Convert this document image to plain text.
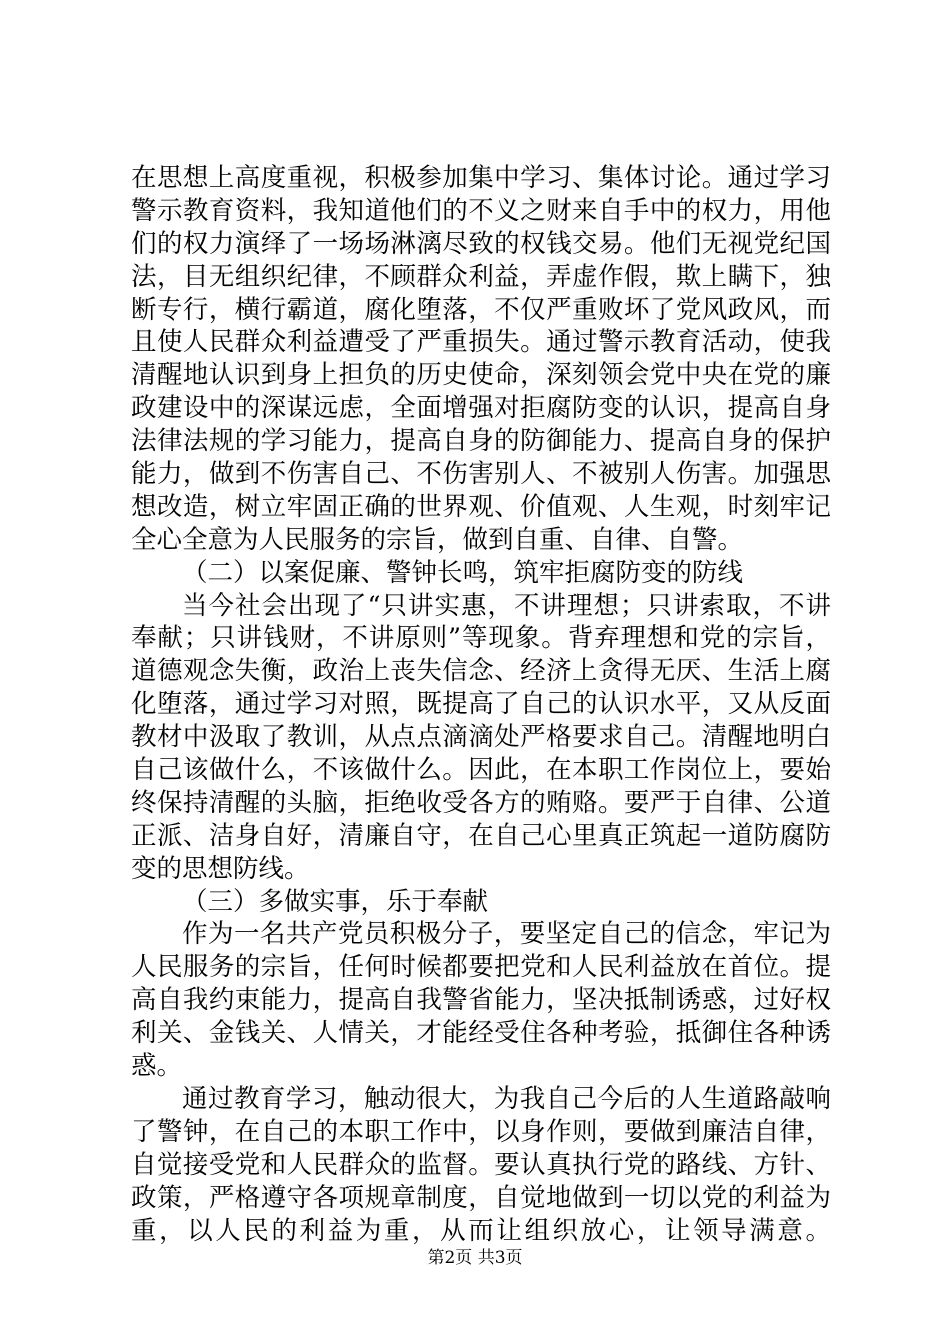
在思想上高度重视，积极参加集中学习、集体讨论。通过学习
警示教育资料，我知道他们的不义之财来自手中的权力，用他
们的权力演绎了一场场淋漓尽致的权钱交易。他们无视党纪国
法，目无组织纪律，不顾群众利益，弄虚作假，欺上瞒下，独
断专行，横行霸道，腐化堕落，不仅严重败坏了党风政风，而
且使人民群众利益遭受了严重损失。通过警示教育活动，使我
清醒地认识到身上担负的历史使命，深刻领会党中央在党的廉
政建设中的深谋远虑，全面增强对拒腐防变的认识，提高自身
法律法规的学习能力，提高自身的防御能力、提高自身的保护
能力，做到不伤害自己、不伤害别人、不被别人伤害。加强思
想改造，树立牢固正确的世界观、价值观、人生观，时刻牢记
全心全意为人民服务的宗旨，做到自重、自律、自警。
（二）以案促廉、警钟长鸣，筑牢拒腐防变的防线
当今社会出现了“只讲实惠，不讲理想；只讲索取，不讲
奉献；只讲钱财，不讲原则”等现象。背弃理想和党的宗旨，
道德观念失衡，政治上丧失信念、经济上贪得无厌、生活上腐
化堕落，通过学习对照，既提高了自己的认识水平，又从反面
教材中汲取了教训，从点点滴滴处严格要求自己。清醒地明白
自己该做什么，不该做什么。因此，在本职工作岗位上，要始
终保持清醒的头脑，拒绝收受各方的贿赂。要严于自律、公道
正派、洁身自好，清廉自守，在自己心里真正筑起一道防腐防
变的思想防线。
（三）多做实事，乐于奉献
作为一名共产党员积极分子，要坚定自己的信念，牢记为
人民服务的宗旨，任何时候都要把党和人民利益放在首位。提
高自我约束能力，提高自我警省能力，坚决抵制诱惑，过好权
利关、金钱关、人情关，才能经受住各种考验，抵御住各种诱
惑。
通过教育学习，触动很大，为我自己今后的人生道路敲响
了警钟，在自己的本职工作中，以身作则，要做到廉洁自律，
自觉接受党和人民群众的监督。要认真执行党的路线、方针、
政策，严格遵守各项规章制度，自觉地做到一切以党的利益为
重，以人民的利益为重，从而让组织放心，让领导满意。
第2页 共3页
